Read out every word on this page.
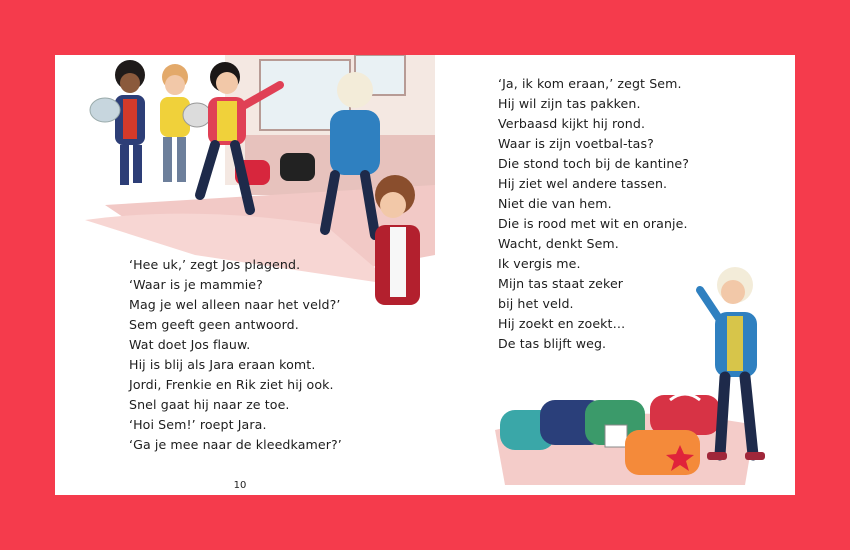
‘Hee uk,’ zegt Jos plagend.
‘Waar is je mammie?
Mag je wel alleen naar het veld?’
Sem geeft geen antwoord.
Wat doet Jos flauw.
Hij is blij als Jara eraan komt.
Jordi, Frenkie en Rik ziet hij ook.
Snel gaat hij naar ze toe.
‘Hoi Sem!’ roept Jara.
‘Ga je mee naar de kleedkamer?’
‘Ja, ik kom eraan,’ zegt Sem.
Hij wil zijn tas pakken.
Verbaasd kijkt hij rond.
Waar is zijn voetbal-tas?
Die stond toch bij de kantine?
Hij ziet wel andere tassen.
Niet die van hem.
Die is rood met wit en oranje.
Wacht, denkt Sem.
Ik vergis me.
Mijn tas staat zeker
bij het veld.
Hij zoekt en zoekt…
De tas blijft weg.
10
